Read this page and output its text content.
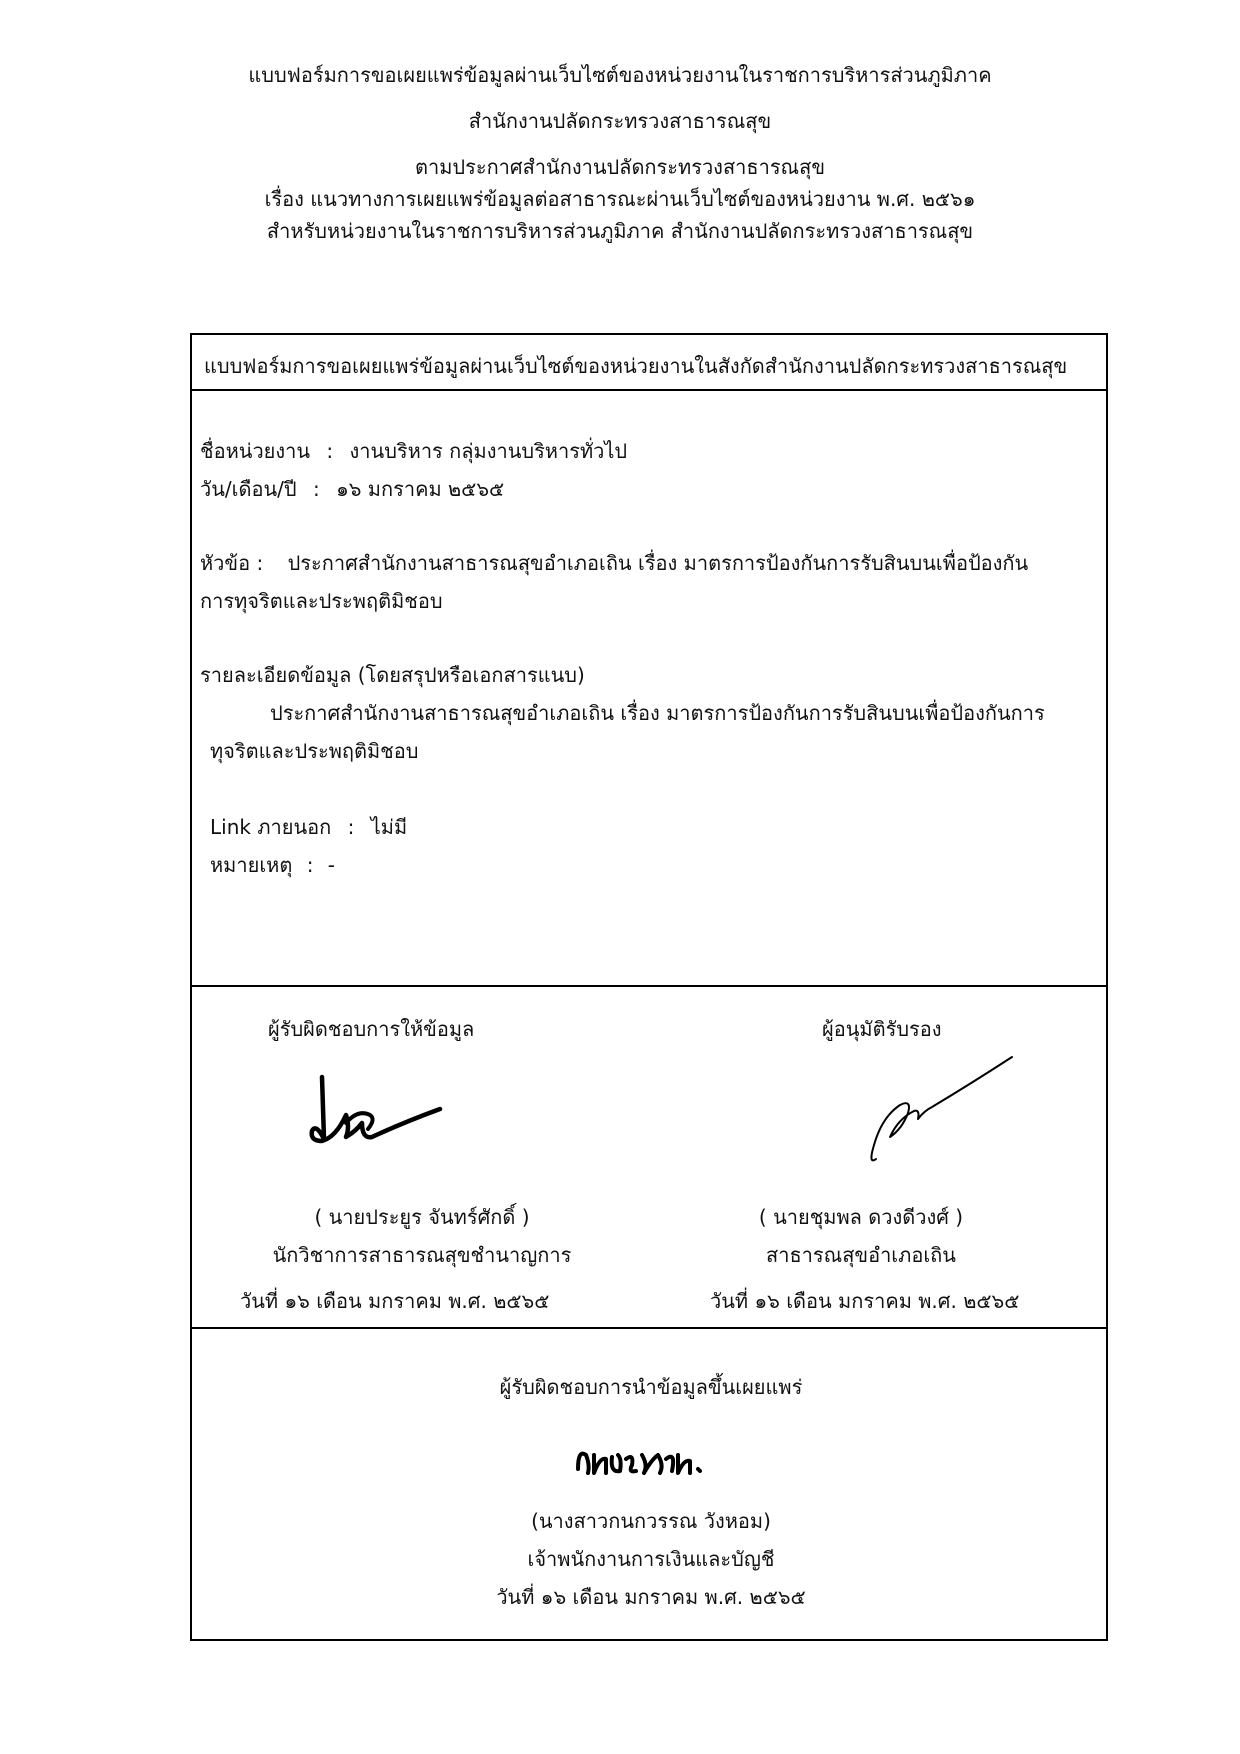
แบบฟอร์มการขอเผยแพร่ข้อมูลผ่านเว็บไซต์ของหน่วยงานในราชการบริหารส่วนภูมิภาค
สำนักงานปลัดกระทรวงสาธารณสุข
ตามประกาศสำนักงานปลัดกระทรวงสาธารณสุข
เรื่อง แนวทางการเผยแพร่ข้อมูลต่อสาธารณะผ่านเว็บไซต์ของหน่วยงาน พ.ศ. ๒๕๖๑
สำหรับหน่วยงานในราชการบริหารส่วนภูมิภาค สำนักงานปลัดกระทรวงสาธารณสุข
แบบฟอร์มการขอเผยแพร่ข้อมูลผ่านเว็บไซต์ของหน่วยงานในสังกัดสำนักงานปลัดกระทรวงสาธารณสุข
ชื่อหน่วยงาน : งานบริหาร กลุ่มงานบริหารทั่วไป
วัน/เดือน/ปี : ๑๖ มกราคม ๒๕๖๕
หัวข้อ : ประกาศสำนักงานสาธารณสุขอำเภอเถิน เรื่อง มาตรการป้องกันการรับสินบนเพื่อป้องกัน
การทุจริตและประพฤติมิชอบ
รายละเอียดข้อมูล (โดยสรุปหรือเอกสารแนบ)
ประกาศสำนักงานสาธารณสุขอำเภอเถิน เรื่อง มาตรการป้องกันการรับสินบนเพื่อป้องกันการ
ทุจริตและประพฤติมิชอบ
Link ภายนอก : ไม่มี
หมายเหตุ : -
ผู้รับผิดชอบการให้ข้อมูล
( นายประยูร จันทร์ศักดิ์ )
นักวิชาการสาธารณสุขชำนาญการ
วันที่ ๑๖ เดือน มกราคม พ.ศ. ๒๕๖๕
ผู้อนุมัติรับรอง
( นายชุมพล ดวงดีวงศ์ )
สาธารณสุขอำเภอเถิน
วันที่ ๑๖ เดือน มกราคม พ.ศ. ๒๕๖๕
ผู้รับผิดชอบการนำข้อมูลขึ้นเผยแพร่
(นางสาวกนกวรรณ วังหอม)
เจ้าพนักงานการเงินและบัญชี
วันที่ ๑๖ เดือน มกราคม พ.ศ. ๒๕๖๕
